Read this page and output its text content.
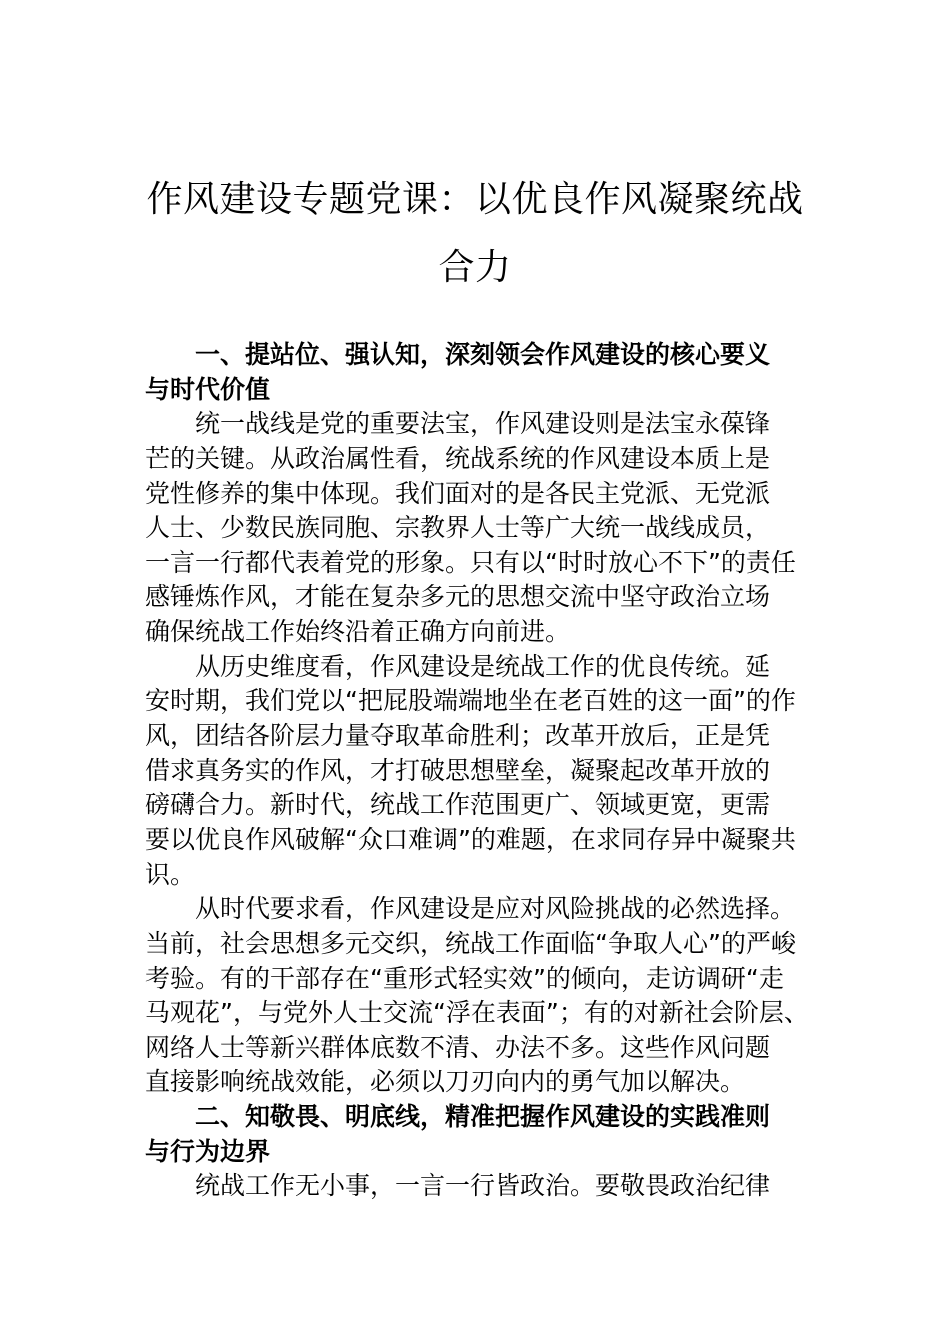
作风建设专题党课：以优良作风凝聚统战
合力
一、提站位、强认知，深刻领会作风建设的核心要义
与时代价值
统一战线是党的重要法宝，作风建设则是法宝永葆锋
芒的关键。从政治属性看，统战系统的作风建设本质上是
党性修养的集中体现。我们面对的是各民主党派、无党派
人士、少数民族同胞、宗教界人士等广大统一战线成员，
一言一行都代表着党的形象。只有以“时时放心不下”的责任
感锤炼作风，才能在复杂多元的思想交流中坚守政治立场
确保统战工作始终沿着正确方向前进。
从历史维度看，作风建设是统战工作的优良传统。延
安时期，我们党以“把屁股端端地坐在老百姓的这一面”的作
风，团结各阶层力量夺取革命胜利；改革开放后，正是凭
借求真务实的作风，才打破思想壁垒，凝聚起改革开放的
磅礴合力。新时代，统战工作范围更广、领域更宽，更需
要以优良作风破解“众口难调”的难题，在求同存异中凝聚共
识。
从时代要求看，作风建设是应对风险挑战的必然选择。
当前，社会思想多元交织，统战工作面临“争取人心”的严峻
考验。有的干部存在“重形式轻实效”的倾向，走访调研“走
马观花”，与党外人士交流“浮在表面”；有的对新社会阶层、
网络人士等新兴群体底数不清、办法不多。这些作风问题
直接影响统战效能，必须以刀刃向内的勇气加以解决。
二、知敬畏、明底线，精准把握作风建设的实践准则
与行为边界
统战工作无小事，一言一行皆政治。要敬畏政治纪律
